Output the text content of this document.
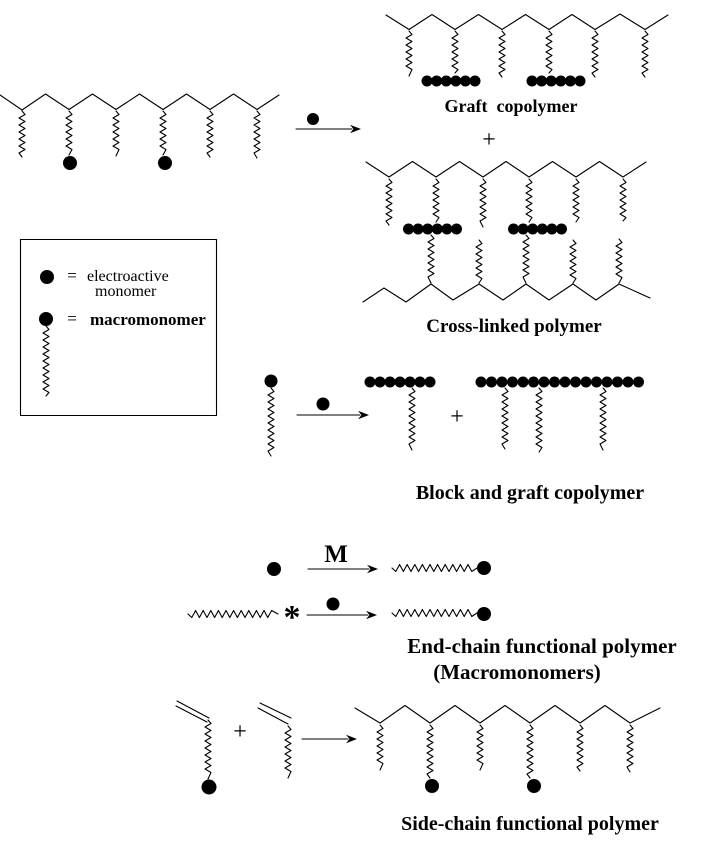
Graft  copolymer
+
Cross-linked polymer
= electroactive
monomer
= macromonomer
+
Block and graft copolymer
M
*
End-chain functional polymer
(Macromonomers)
+
Side-chain functional polymer
